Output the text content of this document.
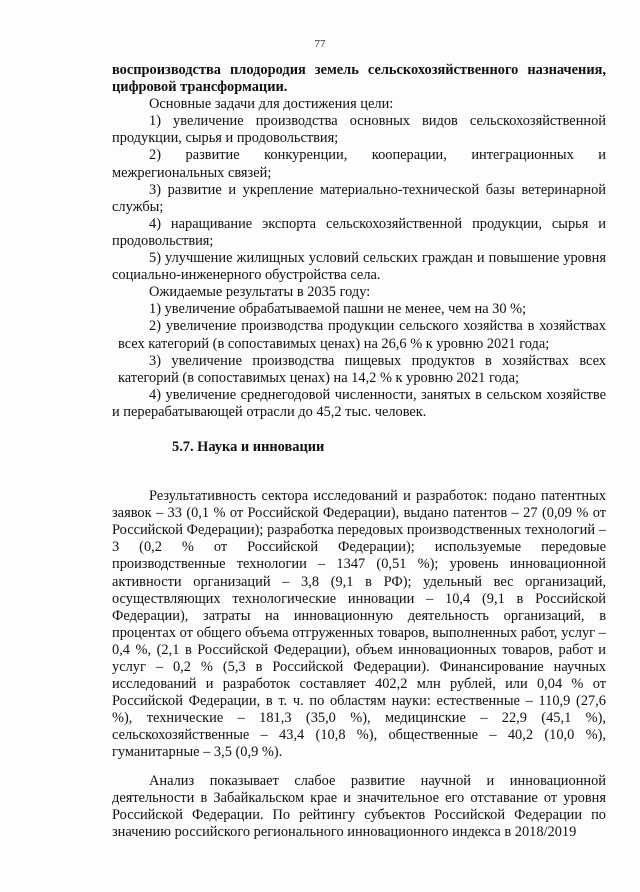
77

воспроизводства плодородия земель сельскохозяйственного назначения, цифровой трансформации.

Основные задачи для достижения цели:

1) увеличение производства основных видов сельскохозяйственной продукции, сырья и продовольствия;

2) развитие конкуренции, кооперации, интеграционных и межрегиональных связей;

3) развитие и укрепление материально-технической базы ветеринарной службы;

4) наращивание экспорта сельскохозяйственной продукции, сырья и продовольствия;

5) улучшение жилищных условий сельских граждан и повышение уровня социально-инженерного обустройства села.

Ожидаемые результаты в 2035 году:

1) увеличение обрабатываемой пашни не менее, чем на 30 %;

2) увеличение производства продукции сельского хозяйства в хозяйствах всех категорий (в сопоставимых ценах) на 26,6 % к уровню 2021 года;

3) увеличение производства пищевых продуктов в хозяйствах всех категорий (в сопоставимых ценах) на 14,2 % к уровню 2021 года;

4) увеличение среднегодовой численности, занятых в сельском хозяйстве и перерабатывающей отрасли до 45,2 тыс. человек.

5.7. Наука и инновации

Результативность сектора исследований и разработок: подано патентных заявок – 33 (0,1 % от Российской Федерации), выдано патентов – 27 (0,09 % от Российской Федерации); разработка передовых производственных технологий – 3 (0,2 % от Российской Федерации); используемые передовые производственные технологии – 1347 (0,51 %); уровень инновационной активности организаций – 3,8 (9,1 в РФ); удельный вес организаций, осуществляющих технологические инновации – 10,4 (9,1 в Российской Федерации), затраты на инновационную деятельность организаций, в процентах от общего объема отгруженных товаров, выполненных работ, услуг – 0,4 %, (2,1 в Российской Федерации), объем инновационных товаров, работ и услуг – 0,2 % (5,3 в Российской Федерации). Финансирование научных исследований и разработок составляет 402,2 млн рублей, или 0,04 % от Российской Федерации, в т. ч. по областям науки: естественные – 110,9 (27,6 %), технические – 181,3 (35,0 %), медицинские – 22,9 (45,1 %), сельскохозяйственные – 43,4 (10,8 %), общественные – 40,2 (10,0 %), гуманитарные – 3,5 (0,9 %).

Анализ показывает слабое развитие научной и инновационной деятельности в Забайкальском крае и значительное его отставание от уровня Российской Федерации. По рейтингу субъектов Российской Федерации по значению российского регионального инновационного индекса в 2018/2019
